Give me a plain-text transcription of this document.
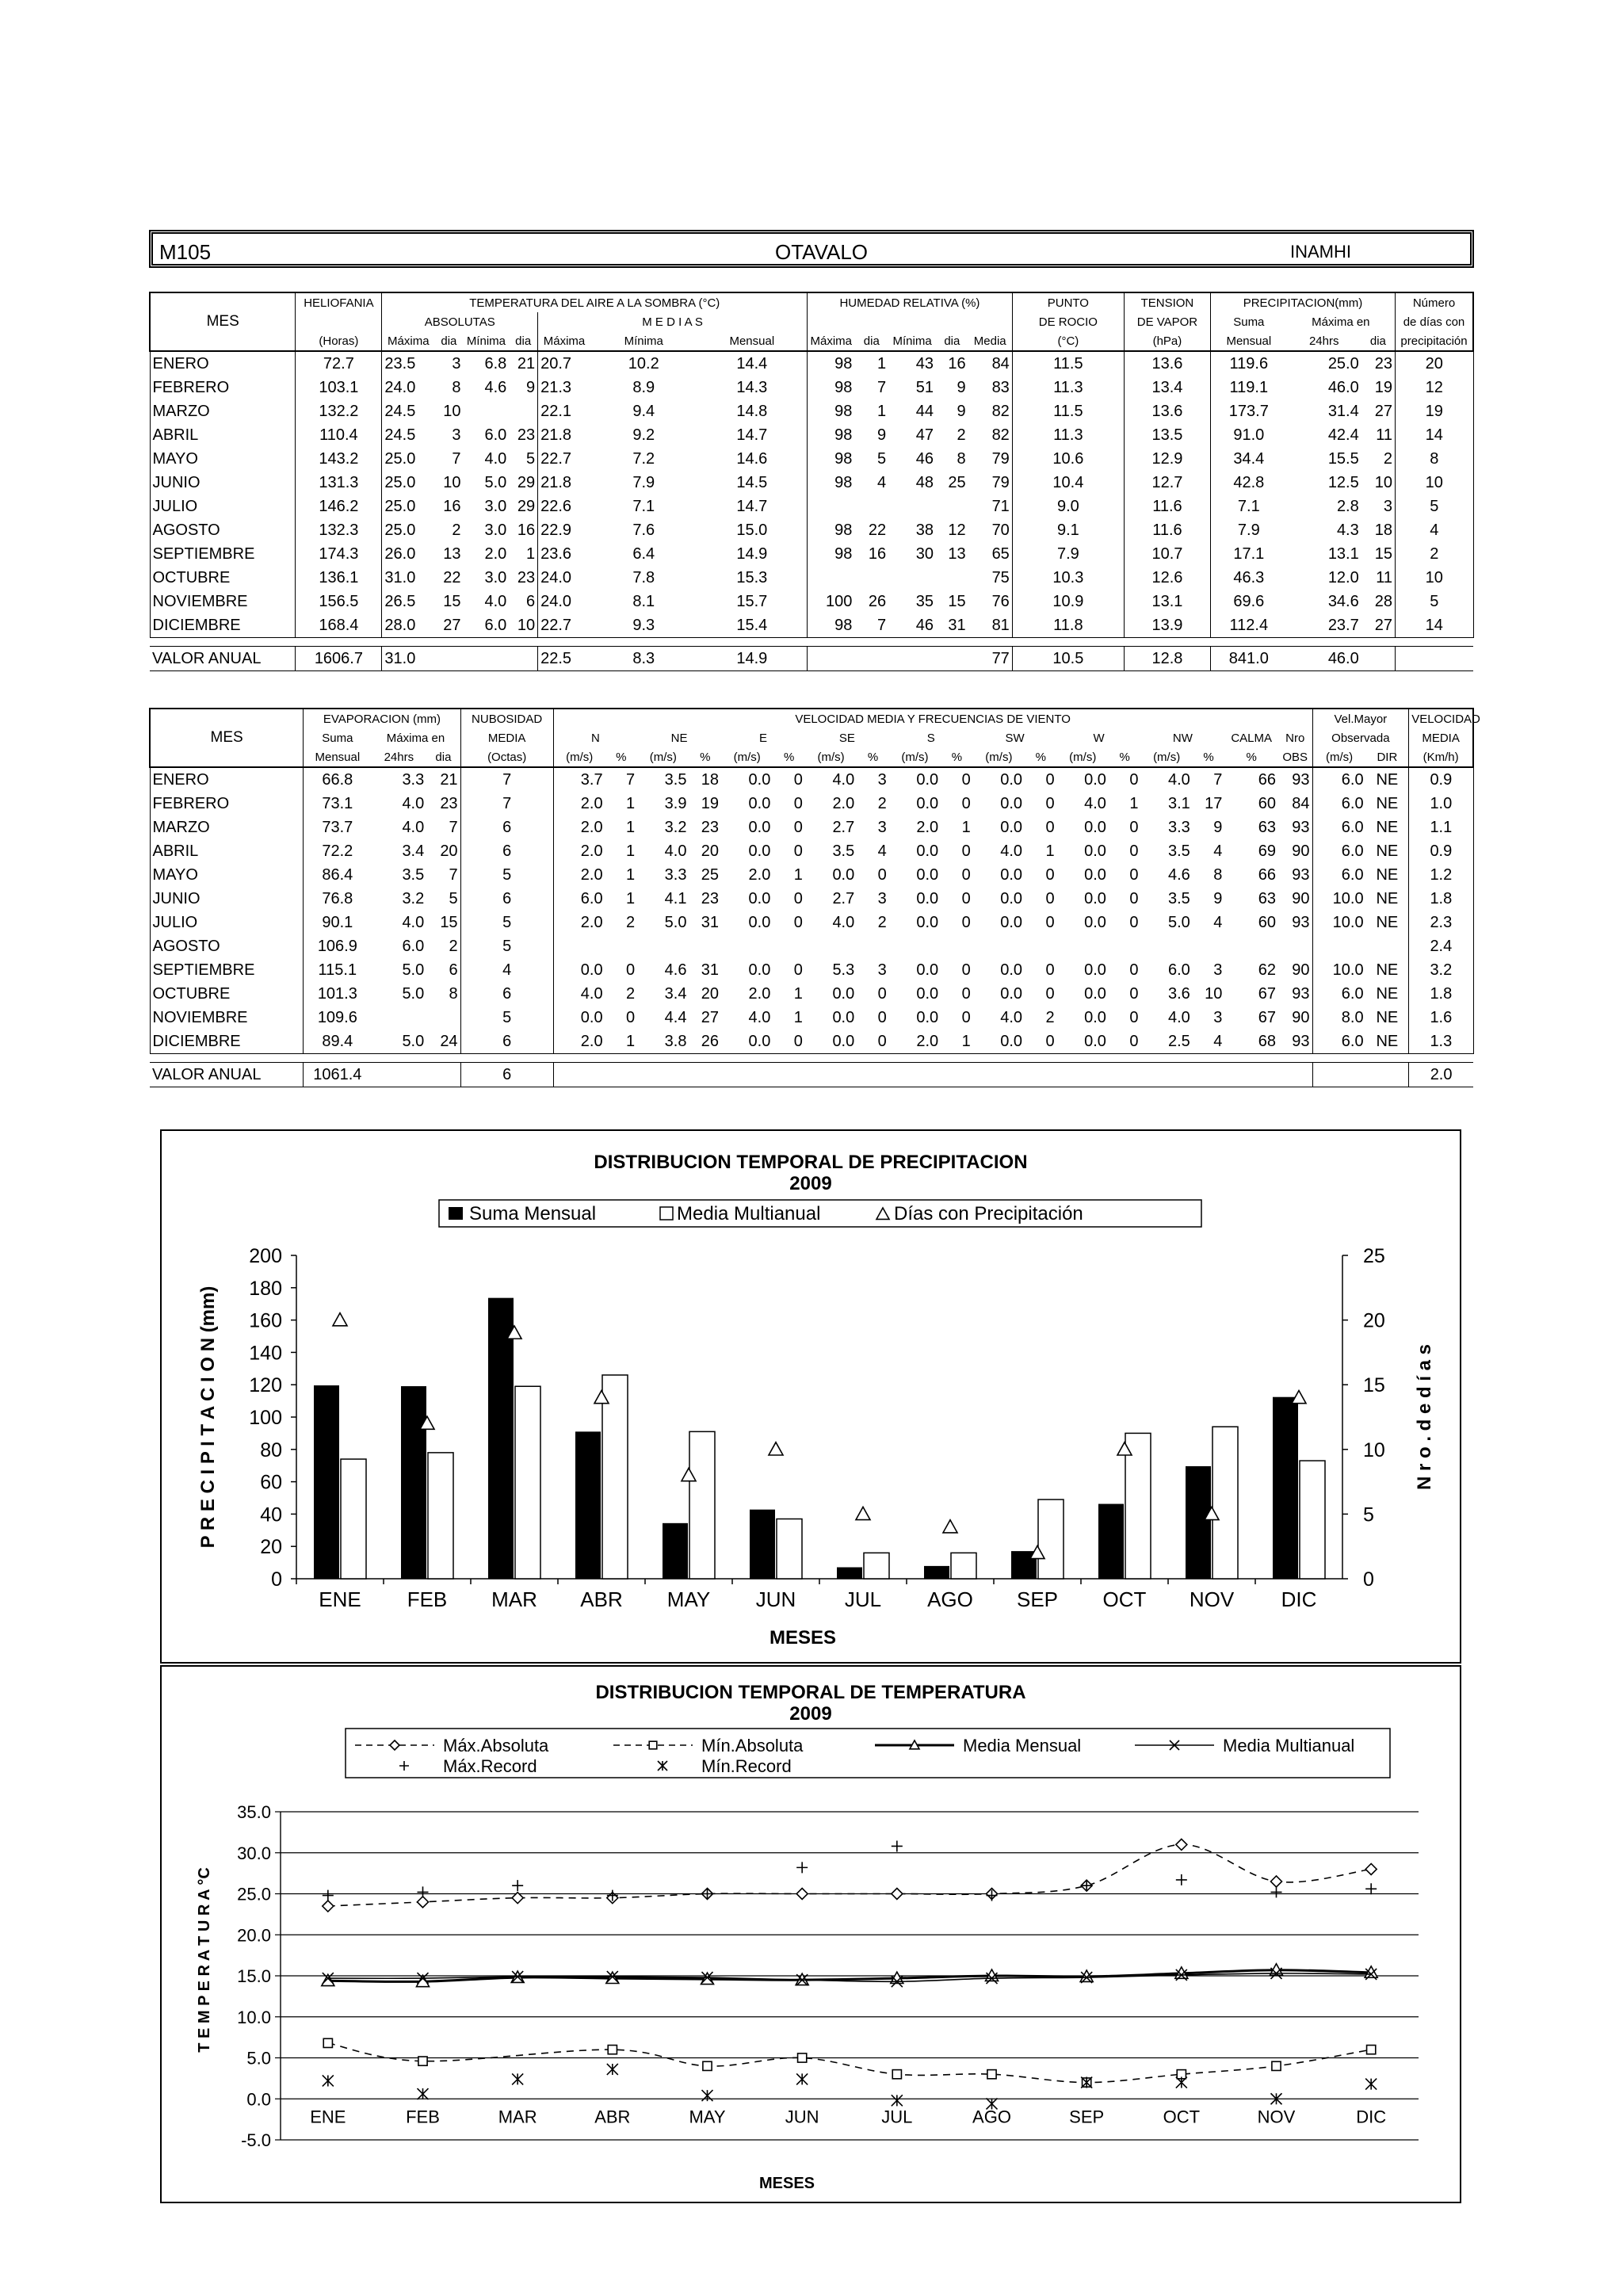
M105	OTAVALO	INAMHI
	HELIOFANIA	TEMPERATURA DEL AIRE A LA SOMBRA (°C)							HUMEDAD RELATIVA (%)					PUNTO	TENSION	PRECIPITACION(mm)			Número
MES		ABSOLUTAS				M E D I A S								DE ROCIO	DE VAPOR	Suma	Máxima en		de días con
	(Horas)	Máxima	dia	Mínima	dia	Máxima	Mínima	Mensual	Máxima	dia	Mínima	dia	Media	(°C)	(hPa)	Mensual	24hrs	dia	precipitación
ENERO	72.7	23.5	3	6.8	21	20.7	10.2	14.4	98	1	43	16	84	11.5	13.6	119.6	25.0	23	20
FEBRERO	103.1	24.0	8	4.6	9	21.3	8.9	14.3	98	7	51	9	83	11.3	13.4	119.1	46.0	19	12
MARZO	132.2	24.5	10			22.1	9.4	14.8	98	1	44	9	82	11.5	13.6	173.7	31.4	27	19
ABRIL	110.4	24.5	3	6.0	23	21.8	9.2	14.7	98	9	47	2	82	11.3	13.5	91.0	42.4	11	14
MAYO	143.2	25.0	7	4.0	5	22.7	7.2	14.6	98	5	46	8	79	10.6	12.9	34.4	15.5	2	8
JUNIO	131.3	25.0	10	5.0	29	21.8	7.9	14.5	98	4	48	25	79	10.4	12.7	42.8	12.5	10	10
JULIO	146.2	25.0	16	3.0	29	22.6	7.1	14.7					71	9.0	11.6	7.1	2.8	3	5
AGOSTO	132.3	25.0	2	3.0	16	22.9	7.6	15.0	98	22	38	12	70	9.1	11.6	7.9	4.3	18	4
SEPTIEMBRE	174.3	26.0	13	2.0	1	23.6	6.4	14.9	98	16	30	13	65	7.9	10.7	17.1	13.1	15	2
OCTUBRE	136.1	31.0	22	3.0	23	24.0	7.8	15.3					75	10.3	12.6	46.3	12.0	11	10
NOVIEMBRE	156.5	26.5	15	4.0	6	24.0	8.1	15.7	100	26	35	15	76	10.9	13.1	69.6	34.6	28	5
DICIEMBRE	168.4	28.0	27	6.0	10	22.7	9.3	15.4	98	7	46	31	81	11.8	13.9	112.4	23.7	27	14

VALOR ANUAL	1606.7	31.0				22.5	8.3	14.9					77	10.5	12.8	841.0	46.0		
	EVAPORACION (mm)			NUBOSIDAD	VELOCIDAD MEDIA Y FRECUENCIAS DE VIENTO																		Vel.Mayor		VELOCIDAD
MES	Suma	Máxima en		MEDIA	N		NE		E		SE		S		SW		W		NW		CALMA	Nro	Observada		MEDIA
	Mensual	24hrs	dia	(Octas)	(m/s)	%	(m/s)	%	(m/s)	%	(m/s)	%	(m/s)	%	(m/s)	%	(m/s)	%	(m/s)	%	%	OBS	(m/s)	DIR	(Km/h)
ENERO	66.8	3.3	21	7	3.7	7	3.5	18	0.0	0	4.0	3	0.0	0	0.0	0	0.0	0	4.0	7	66	93	6.0	NE	0.9
FEBRERO	73.1	4.0	23	7	2.0	1	3.9	19	0.0	0	2.0	2	0.0	0	0.0	0	4.0	1	3.1	17	60	84	6.0	NE	1.0
MARZO	73.7	4.0	7	6	2.0	1	3.2	23	0.0	0	2.7	3	2.0	1	0.0	0	0.0	0	3.3	9	63	93	6.0	NE	1.1
ABRIL	72.2	3.4	20	6	2.0	1	4.0	20	0.0	0	3.5	4	0.0	0	4.0	1	0.0	0	3.5	4	69	90	6.0	NE	0.9
MAYO	86.4	3.5	7	5	2.0	1	3.3	25	2.0	1	0.0	0	0.0	0	0.0	0	0.0	0	4.6	8	66	93	6.0	NE	1.2
JUNIO	76.8	3.2	5	6	6.0	1	4.1	23	0.0	0	2.7	3	0.0	0	0.0	0	0.0	0	3.5	9	63	90	10.0	NE	1.8
JULIO	90.1	4.0	15	5	2.0	2	5.0	31	0.0	0	4.0	2	0.0	0	0.0	0	0.0	0	5.0	4	60	93	10.0	NE	2.3
AGOSTO	106.9	6.0	2	5																					2.4
SEPTIEMBRE	115.1	5.0	6	4	0.0	0	4.6	31	0.0	0	5.3	3	0.0	0	0.0	0	0.0	0	6.0	3	62	90	10.0	NE	3.2
OCTUBRE	101.3	5.0	8	6	4.0	2	3.4	20	2.0	1	0.0	0	0.0	0	0.0	0	0.0	0	3.6	10	67	93	6.0	NE	1.8
NOVIEMBRE	109.6			5	0.0	0	4.4	27	4.0	1	0.0	0	0.0	0	4.0	2	0.0	0	4.0	3	67	90	8.0	NE	1.6
DICIEMBRE	89.4	5.0	24	6	2.0	1	3.8	26	0.0	0	0.0	0	2.0	1	0.0	0	0.0	0	2.5	4	68	93	6.0	NE	1.3

VALOR ANUAL	1061.4			6																					2.0
DISTRIBUCION TEMPORAL DE PRECIPITACION
2009
Suma Mensual	Media Multianual	Días con Precipitación
0
20
40
60
80
100
120
140
160
180
200
0
5
10
15
20
25
ENE FEB MAR ABR MAY JUN JUL AGO SEP OCT NOV DIC
MESES
P R E C I P I T A C I O N (mm)	N r o . d e d í a s
DISTRIBUCION TEMPORAL DE TEMPERATURA
2009
Máx.Absoluta	Mín.Absoluta	Media Mensual	Media Multianual
Máx.Record	Mín.Record
-5.0
0.0
5.0
10.0
15.0
20.0
25.0
30.0
35.0
ENE	FEB	MAR	ABR	MAY	JUN	JUL	AGO	SEP	OCT	NOV	DIC
MESES
T E M P E R A T U R A °C
